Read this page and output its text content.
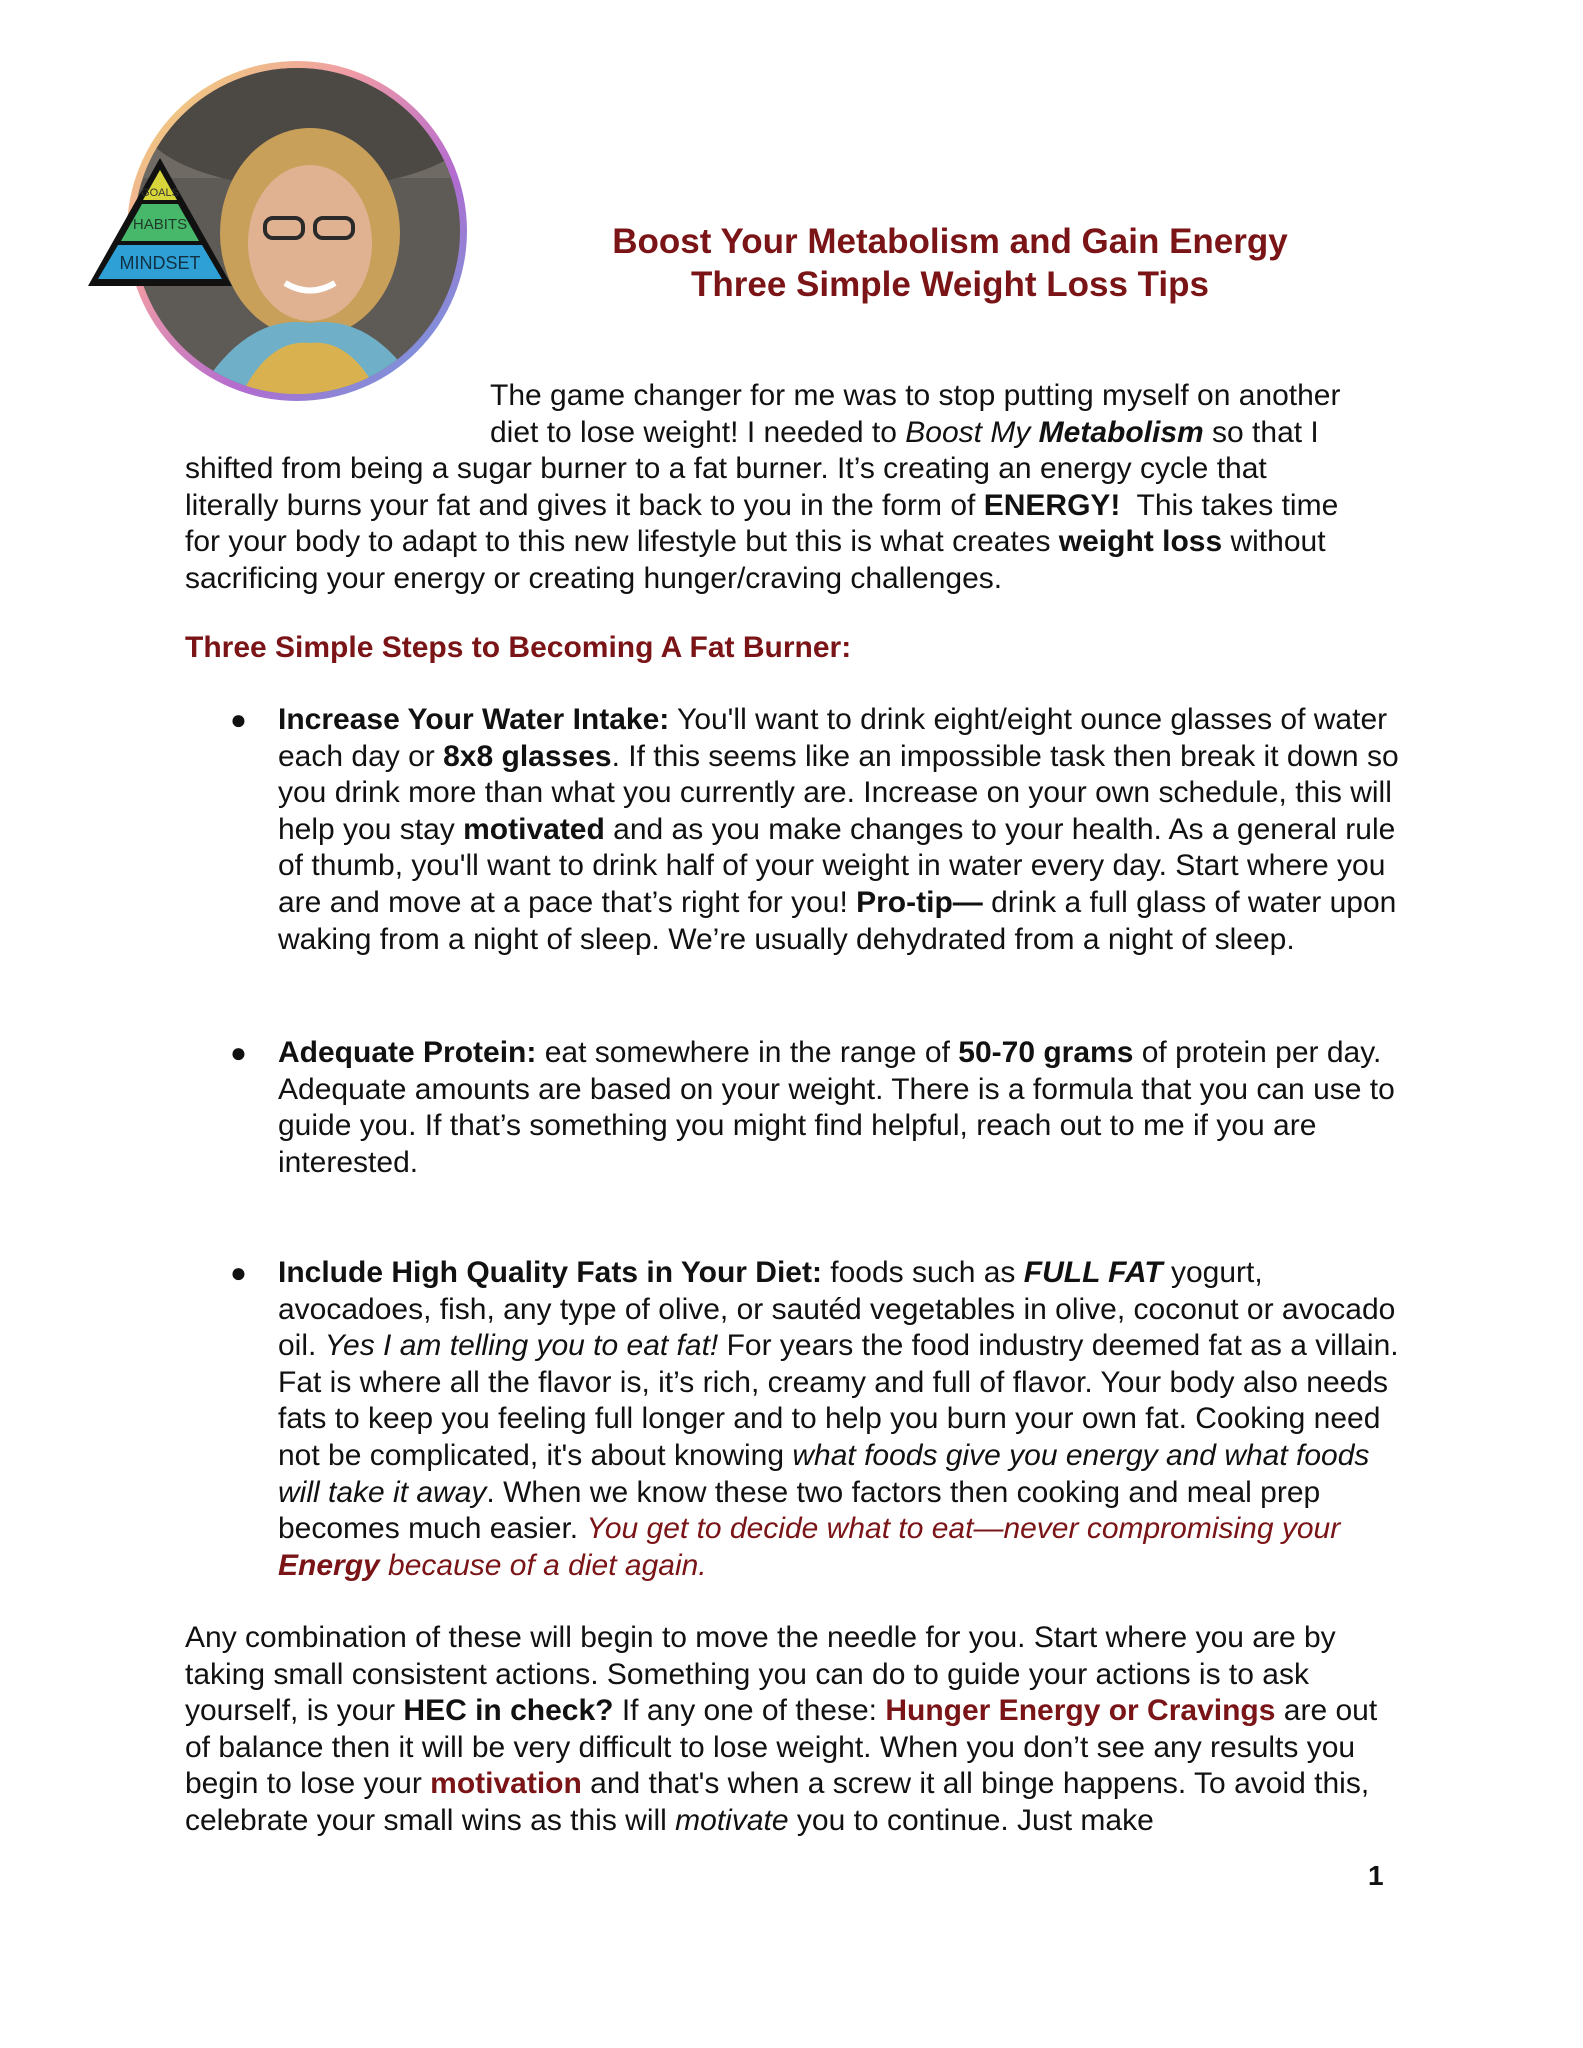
GOALS
HABITS
MINDSET
Boost Your Metabolism and Gain Energy
Three Simple Weight Loss Tips
The game changer for me was to stop putting myself on another
diet to lose weight! I needed to Boost My Metabolism so that I
shifted from being a sugar burner to a fat burner. It’s creating an energy cycle that
literally burns your fat and gives it back to you in the form of ENERGY!  This takes time
for your body to adapt to this new lifestyle but this is what creates weight loss without
sacrificing your energy or creating hunger/craving challenges.
Three Simple Steps to Becoming A Fat Burner:
● Increase Your Water Intake: You'll want to drink eight/eight ounce glasses of water each day or 8x8 glasses. If this seems like an impossible task then break it down so you drink more than what you currently are. Increase on your own schedule, this will help you stay motivated and as you make changes to your health. As a general rule of thumb, you'll want to drink half of your weight in water every day. Start where you are and move at a pace that’s right for you! Pro-tip— drink a full glass of water upon waking from a night of sleep. We’re usually dehydrated from a night of sleep.
● Adequate Protein: eat somewhere in the range of 50-70 grams of protein per day. Adequate amounts are based on your weight. There is a formula that you can use to guide you. If that’s something you might find helpful, reach out to me if you are interested.
● Include High Quality Fats in Your Diet: foods such as FULL FAT yogurt, avocadoes, fish, any type of olive, or sautéd vegetables in olive, coconut or avocado oil. Yes I am telling you to eat fat! For years the food industry deemed fat as a villain. Fat is where all the flavor is, it’s rich, creamy and full of flavor. Your body also needs fats to keep you feeling full longer and to help you burn your own fat. Cooking need not be complicated, it's about knowing what foods give you energy and what foods will take it away. When we know these two factors then cooking and meal prep becomes much easier. You get to decide what to eat—never compromising your Energy because of a diet again.
Any combination of these will begin to move the needle for you. Start where you are by taking small consistent actions. Something you can do to guide your actions is to ask yourself, is your HEC in check? If any one of these: Hunger Energy or Cravings are out of balance then it will be very difficult to lose weight. When you don’t see any results you begin to lose your motivation and that's when a screw it all binge happens. To avoid this, celebrate your small wins as this will motivate you to continue. Just make
1
